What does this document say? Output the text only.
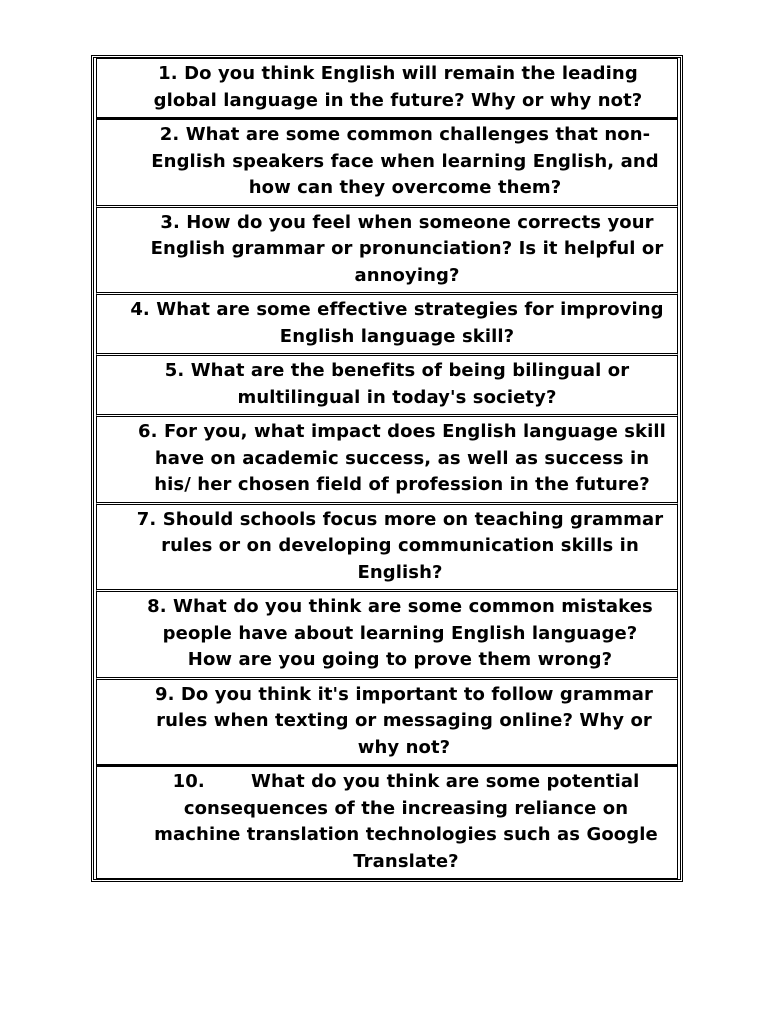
1. Do you think English will remain the leading global language in the future? Why or why not?
2. What are some common challenges that non-English speakers face when learning English, and how can they overcome them?
3. How do you feel when someone corrects your English grammar or pronunciation? Is it helpful or annoying?
4. What are some effective strategies for improving English language skill?
5. What are the benefits of being bilingual or multilingual in today's society?
6. For you, what impact does English language skill have on academic success, as well as success in his/ her chosen field of profession in the future?
7. Should schools focus more on teaching grammar rules or on developing communication skills in English?
8. What do you think are some common mistakes people have about learning English language? How are you going to prove them wrong?
9. Do you think it's important to follow grammar rules when texting or messaging online? Why or why not?
10.	What do you think are some potential consequences of the increasing reliance on machine translation technologies such as Google Translate?
